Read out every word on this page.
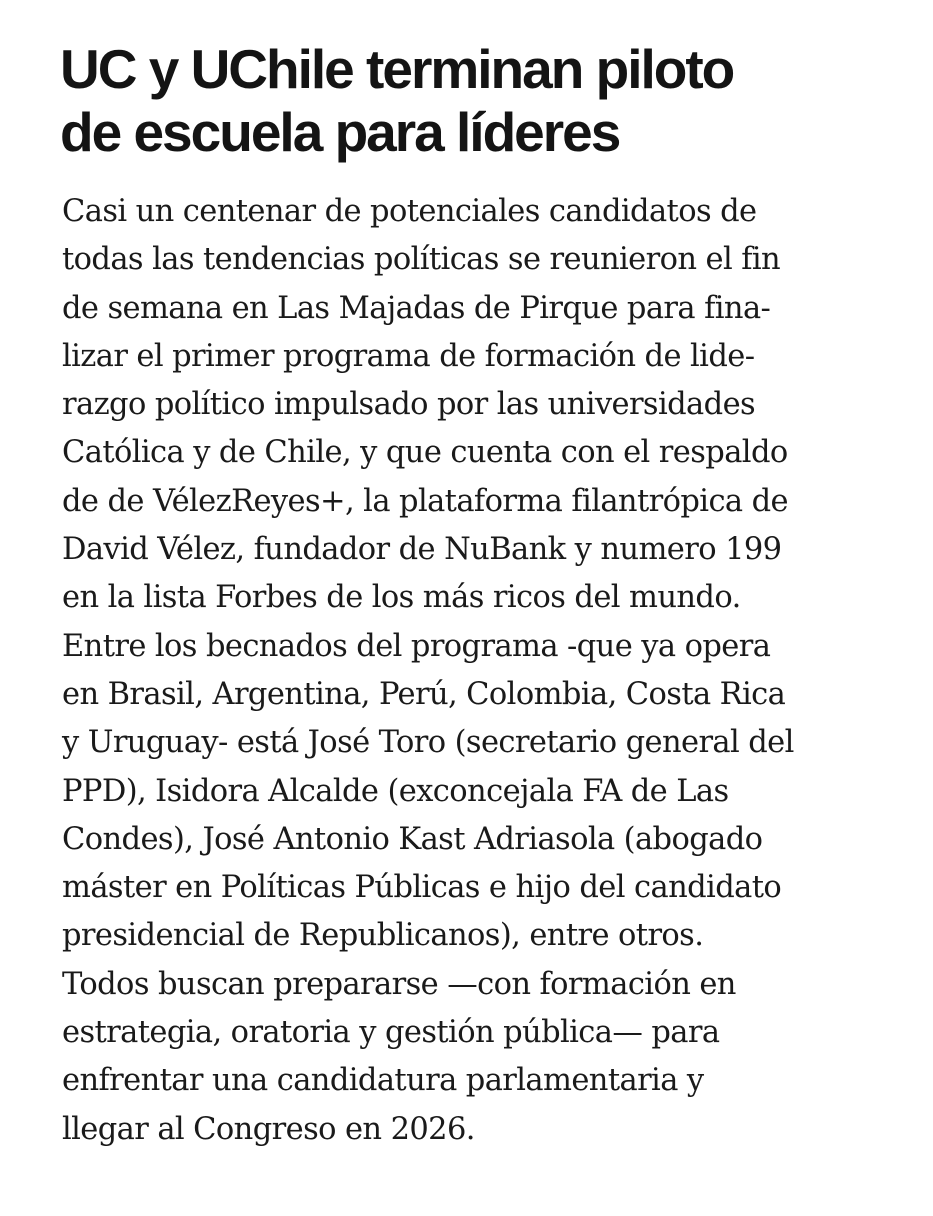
UC y UChile terminan piloto
de escuela para líderes
Casi un centenar de potenciales candidatos de
todas las tendencias políticas se reunieron el fin
de semana en Las Majadas de Pirque para fina-
lizar el primer programa de formación de lide-
razgo político impulsado por las universidades
Católica y de Chile, y que cuenta con el respaldo
de de VélezReyes+, la plataforma filantrópica de
David Vélez, fundador de NuBank y numero 199
en la lista Forbes de los más ricos del mundo.
Entre los becnados del programa -que ya opera
en Brasil, Argentina, Perú, Colombia, Costa Rica
y Uruguay- está José Toro (secretario general del
PPD), Isidora Alcalde (exconcejala FA de Las
Condes), José Antonio Kast Adriasola (abogado
máster en Políticas Públicas e hijo del candidato
presidencial de Republicanos), entre otros.
Todos buscan prepararse —con formación en
estrategia, oratoria y gestión pública— para
enfrentar una candidatura parlamentaria y
llegar al Congreso en 2026.
